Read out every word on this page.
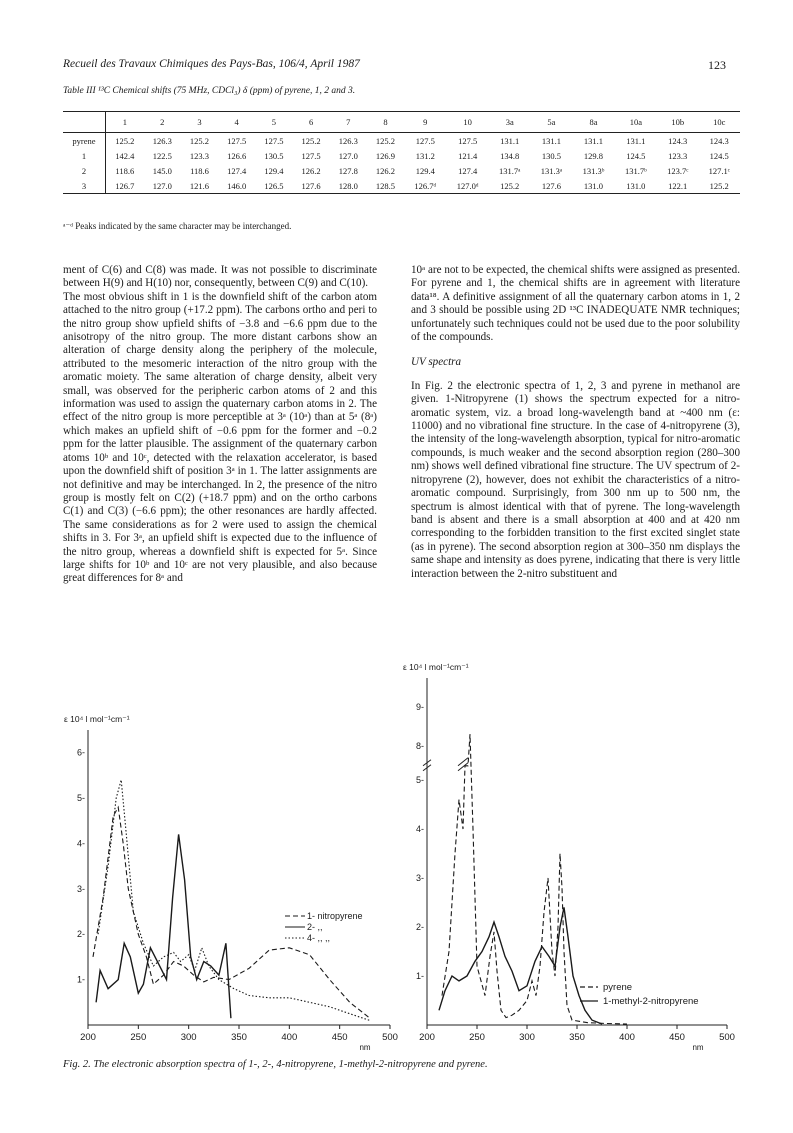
Recueil des Travaux Chimiques des Pays-Bas, 106/4, April 1987	123
Table III ¹³C Chemical shifts (75 MHz, CDCl₃) δ (ppm) of pyrene, 1, 2 and 3.
	1	2	3	4	5	6	7	8	9	10	3a	5a	8a	10a	10b	10c
pyrene	125.2	126.3	125.2	127.5	127.5	125.2	126.3	125.2	127.5	127.5	131.1	131.1	131.1	131.1	124.3	124.3
1	142.4	122.5	123.3	126.6	130.5	127.5	127.0	126.9	131.2	121.4	134.8	130.5	129.8	124.5	123.3	124.5
2	118.6	145.0	118.6	127.4	129.4	126.2	127.8	126.2	129.4	127.4	131.7ᵃ	131.3ᵃ	131.3ᵇ	131.7ᵇ	123.7ᶜ	127.1ᶜ
3	126.7	127.0	121.6	146.0	126.5	127.6	128.0	128.5	126.7ᵈ	127.0ᵈ	125.2	127.6	131.0	131.0	122.1	125.2
ᵃ⁻ᵈ Peaks indicated by the same character may be interchanged.

ment of C(6) and C(8) was made. It was not possible to discriminate between H(9) and H(10) nor, consequently, between C(9) and C(10).

The most obvious shift in 1 is the downfield shift of the carbon atom attached to the nitro group (+17.2 ppm). The carbons ortho and peri to the nitro group show upfield shifts of −3.8 and −6.6 ppm due to the anisotropy of the nitro group. The more distant carbons show an alteration of charge density along the periphery of the molecule, attributed to the mesomeric interaction of the nitro group with the aromatic moiety. The same alteration of charge density, albeit very small, was observed for the peripheric carbon atoms of 2 and this information was used to assign the quaternary carbon atoms in 2. The effect of the nitro group is more perceptible at 3ᵃ (10ᵃ) than at 5ᵃ (8ᵃ) which makes an upfield shift of −0.6 ppm for the former and −0.2 ppm for the latter plausible. The assignment of the quaternary carbon atoms 10ᵇ and 10ᶜ, detected with the relaxation accelerator, is based upon the downfield shift of position 3ᵃ in 1. The latter assignments are not definitive and may be interchanged. In 2, the presence of the nitro group is mostly felt on C(2) (+18.7 ppm) and on the ortho carbons C(1) and C(3) (−6.6 ppm); the other resonances are hardly affected. The same considerations as for 2 were used to assign the chemical shifts in 3. For 3ᵃ, an upfield shift is expected due to the influence of the nitro group, whereas a downfield shift is expected for 5ᵃ. Since large shifts for 10ᵇ and 10ᶜ are not very plausible, and also because great differences for 8ᵃ and

10ᵃ are not to be expected, the chemical shifts were assigned as presented. For pyrene and 1, the chemical shifts are in agreement with literature data¹⁸. A definitive assignment of all the quaternary carbon atoms in 1, 2 and 3 should be possible using 2D ¹³C INADEQUATE NMR techniques; unfortunately such techniques could not be used due to the poor solubility of the compounds.

UV spectra

In Fig. 2 the electronic spectra of 1, 2, 3 and pyrene in methanol are given. 1-Nitropyrene (1) shows the spectrum expected for a nitro-aromatic system, viz. a broad long-wavelength band at ~400 nm (ε: 11000) and no vibrational fine structure. In the case of 4-nitropyrene (3), the intensity of the long-wavelength absorption, typical for nitro-aromatic compounds, is much weaker and the second absorption region (280–300 nm) shows well defined vibrational fine structure. The UV spectrum of 2-nitropyrene (2), however, does not exhibit the characteristics of a nitro-aromatic compound. Surprisingly, from 300 nm up to 500 nm, the spectrum is almost identical with that of pyrene. The long-wavelength band is absent and there is a small absorption at 400 and at 420 nm corresponding to the forbidden transition to the first excited singlet state (as in pyrene). The second absorption region at 300–350 nm displays the same shape and intensity as does pyrene, indicating that there is very little interaction between the 2-nitro substituent and

ε 10⁴ l mol⁻¹cm⁻¹
200	250	300	350	400	450	500
nm
1-
2-
3-
4-
5-
6-
1- nitropyrene
2- ,,
4- ,, ,,
ε 10⁴ l mol⁻¹cm⁻¹
200	250	300	350	400	450	500
nm
1-
2-
3-
4-
5-
8-
9-
pyrene
1-methyl-2-nitropyrene
Fig. 2. The electronic absorption spectra of 1-, 2-, 4-nitropyrene, 1-methyl-2-nitropyrene and pyrene.
